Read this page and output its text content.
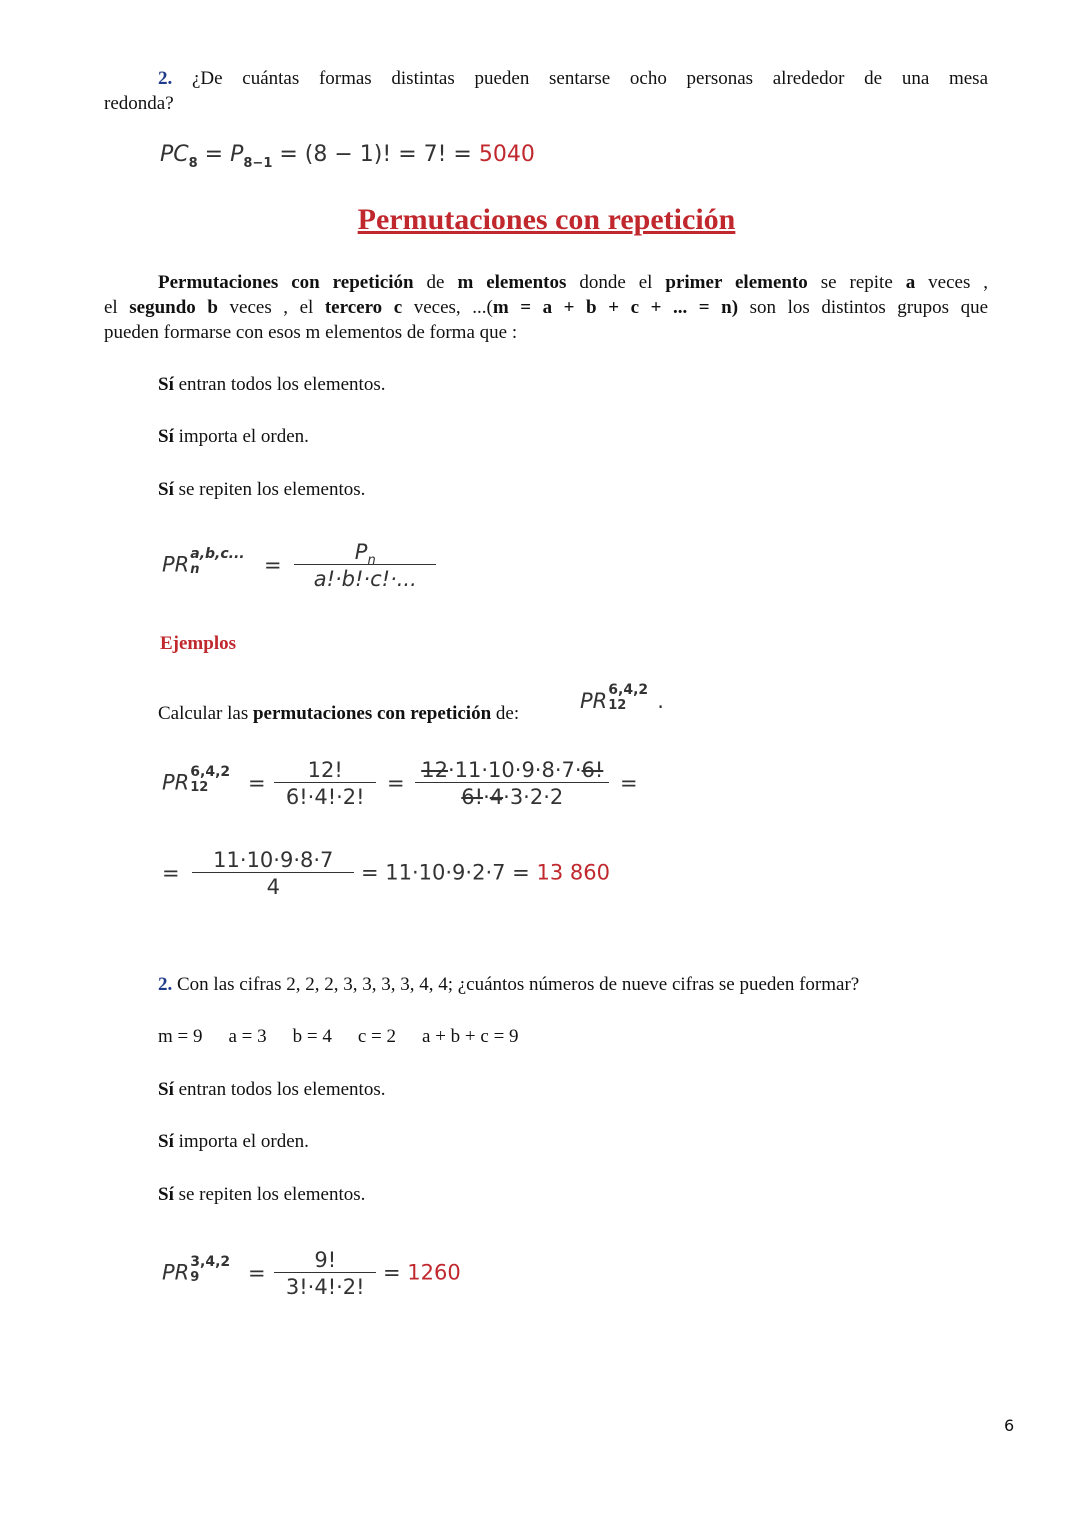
2. ¿De cuántas formas distintas pueden sentarse ocho personas alrededor de una mesa
redonda?
$PC_8 = P_{8-1} = (8 - 1)$! = 7! = 5040
Permutaciones con repetición
Permutaciones con repetición de m elementos donde el primer elemento se repite a veces ,
el segundo b veces , el tercero c veces, ...(m = a + b + c + ... = n) son los distintos grupos que
pueden formarse con esos m elementos de forma que :
Sí entran todos los elementos.
Sí importa el orden.
Sí se repiten los elementos.
PR a,b,c...
n	= $\frac{P_n}{a!\cdot b!\cdot c!\cdot...}$
Ejemplos
Calcular las permutaciones con repetición de:
PR 6,4,2
12 .
PR 6,4,2
$12 = \frac{12!}{6!\cdot 4!\cdot 2!} = \frac{12\cdot 11\cdot 10\cdot 9\cdot 8\cdot 7\cdot 6!}{6!\cdot 4\cdot 3\cdot 2\cdot 2}$ =
= $\frac{11\cdot 10\cdot 9\cdot 8\cdot 7}{4} = 11\cdot 10\cdot 9\cdot 2\cdot 7 = 13$ 860
2. Con las cifras 2, 2, 2, 3, 3, 3, 3, 4, 4; ¿cuántos números de nueve cifras se pueden formar?
m = 9 a = 3 b = 4 c = 2 a + b + c = 9
Sí entran todos los elementos.
Sí importa el orden.
Sí se repiten los elementos.
PR 3,4,2
$9 = \frac{9!}{3!\cdot 4!\cdot 2!} = 1260$
6
